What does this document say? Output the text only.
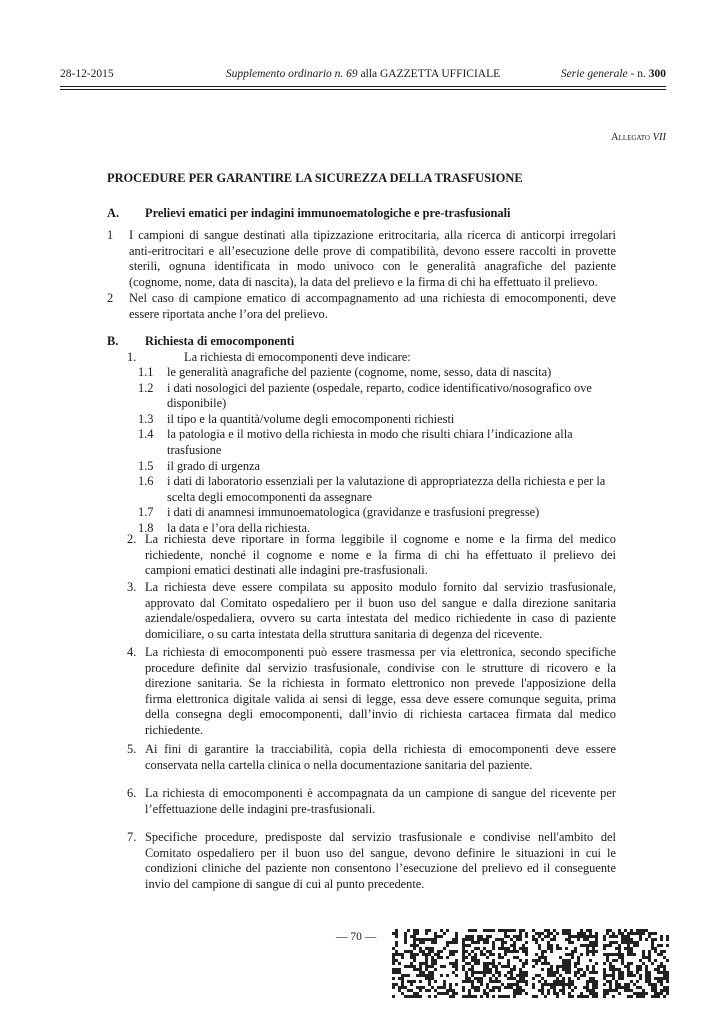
28-12-2015	Supplemento ordinario n. 69 alla GAZZETTA UFFICIALE	Serie generale - n. 300
Allegato VII
PROCEDURE PER GARANTIRE LA SICUREZZA DELLA TRASFUSIONE
A. Prelievi ematici per indagini immunoematologiche e pre-trasfusionali
1 I campioni di sangue destinati alla tipizzazione eritrocitaria, alla ricerca di anticorpi irregolari
anti-eritrocitari e all’esecuzione delle prove di compatibilità, devono essere raccolti in provette
sterili, ognuna identificata in modo univoco con le generalità anagrafiche del paziente
(cognome, nome, data di nascita), la data del prelievo e la firma di chi ha effettuato il prelievo.
2 Nel caso di campione ematico di accompagnamento ad una richiesta di emocomponenti, deve
essere riportata anche l’ora del prelievo.
B. Richiesta di emocomponenti
1.	La richiesta di emocomponenti deve indicare:
1.1 le generalità anagrafiche del paziente (cognome, nome, sesso, data di nascita)
1.2 i dati nosologici del paziente (ospedale, reparto, codice identificativo/nosografico ove
disponibile)
1.3 il tipo e la quantità/volume degli emocomponenti richiesti
1.4 la patologia e il motivo della richiesta in modo che risulti chiara l’indicazione alla
trasfusione
1.5 il grado di urgenza
1.6 i dati di laboratorio essenziali per la valutazione di appropriatezza della richiesta e per la
scelta degli emocomponenti da assegnare
1.7 i dati di anamnesi immunoematologica (gravidanze e trasfusioni pregresse)
1.8 la data e l’ora della richiesta.
2. La richiesta deve riportare in forma leggibile il cognome e nome e la firma del medico
richiedente, nonché il cognome e nome e la firma di chi ha effettuato il prelievo dei
campioni ematici destinati alle indagini pre-trasfusionali.
3. La richiesta deve essere compilata su apposito modulo fornito dal servizio trasfusionale,
approvato dal Comitato ospedaliero per il buon uso del sangue e dalla direzione sanitaria
aziendale/ospedaliera, ovvero su carta intestata del medico richiedente in caso di paziente
domiciliare, o su carta intestata della struttura sanitaria di degenza del ricevente.
4. La richiesta di emocomponenti può essere trasmessa per via elettronica, secondo specifiche
procedure definite dal servizio trasfusionale, condivise con le strutture di ricovero e la
direzione sanitaria. Se la richiesta in formato elettronico non prevede l'apposizione della
firma elettronica digitale valida ai sensi di legge, essa deve essere comunque seguita, prima
della consegna degli emocomponenti, dall’invio di richiesta cartacea firmata dal medico
richiedente.
5. Ai fini di garantire la tracciabilità, copia della richiesta di emocomponenti deve essere
conservata nella cartella clinica o nella documentazione sanitaria del paziente.
6. La richiesta di emocomponenti è accompagnata da un campione di sangue del ricevente per
l’effettuazione delle indagini pre-trasfusionali.
7. Specifiche procedure, predisposte dal servizio trasfusionale e condivise nell'ambito del
Comitato ospedaliero per il buon uso del sangue, devono definire le situazioni in cui le
condizioni cliniche del paziente non consentono l’esecuzione del prelievo ed il conseguente
invio del campione di sangue di cui al punto precedente.
— 70 —
